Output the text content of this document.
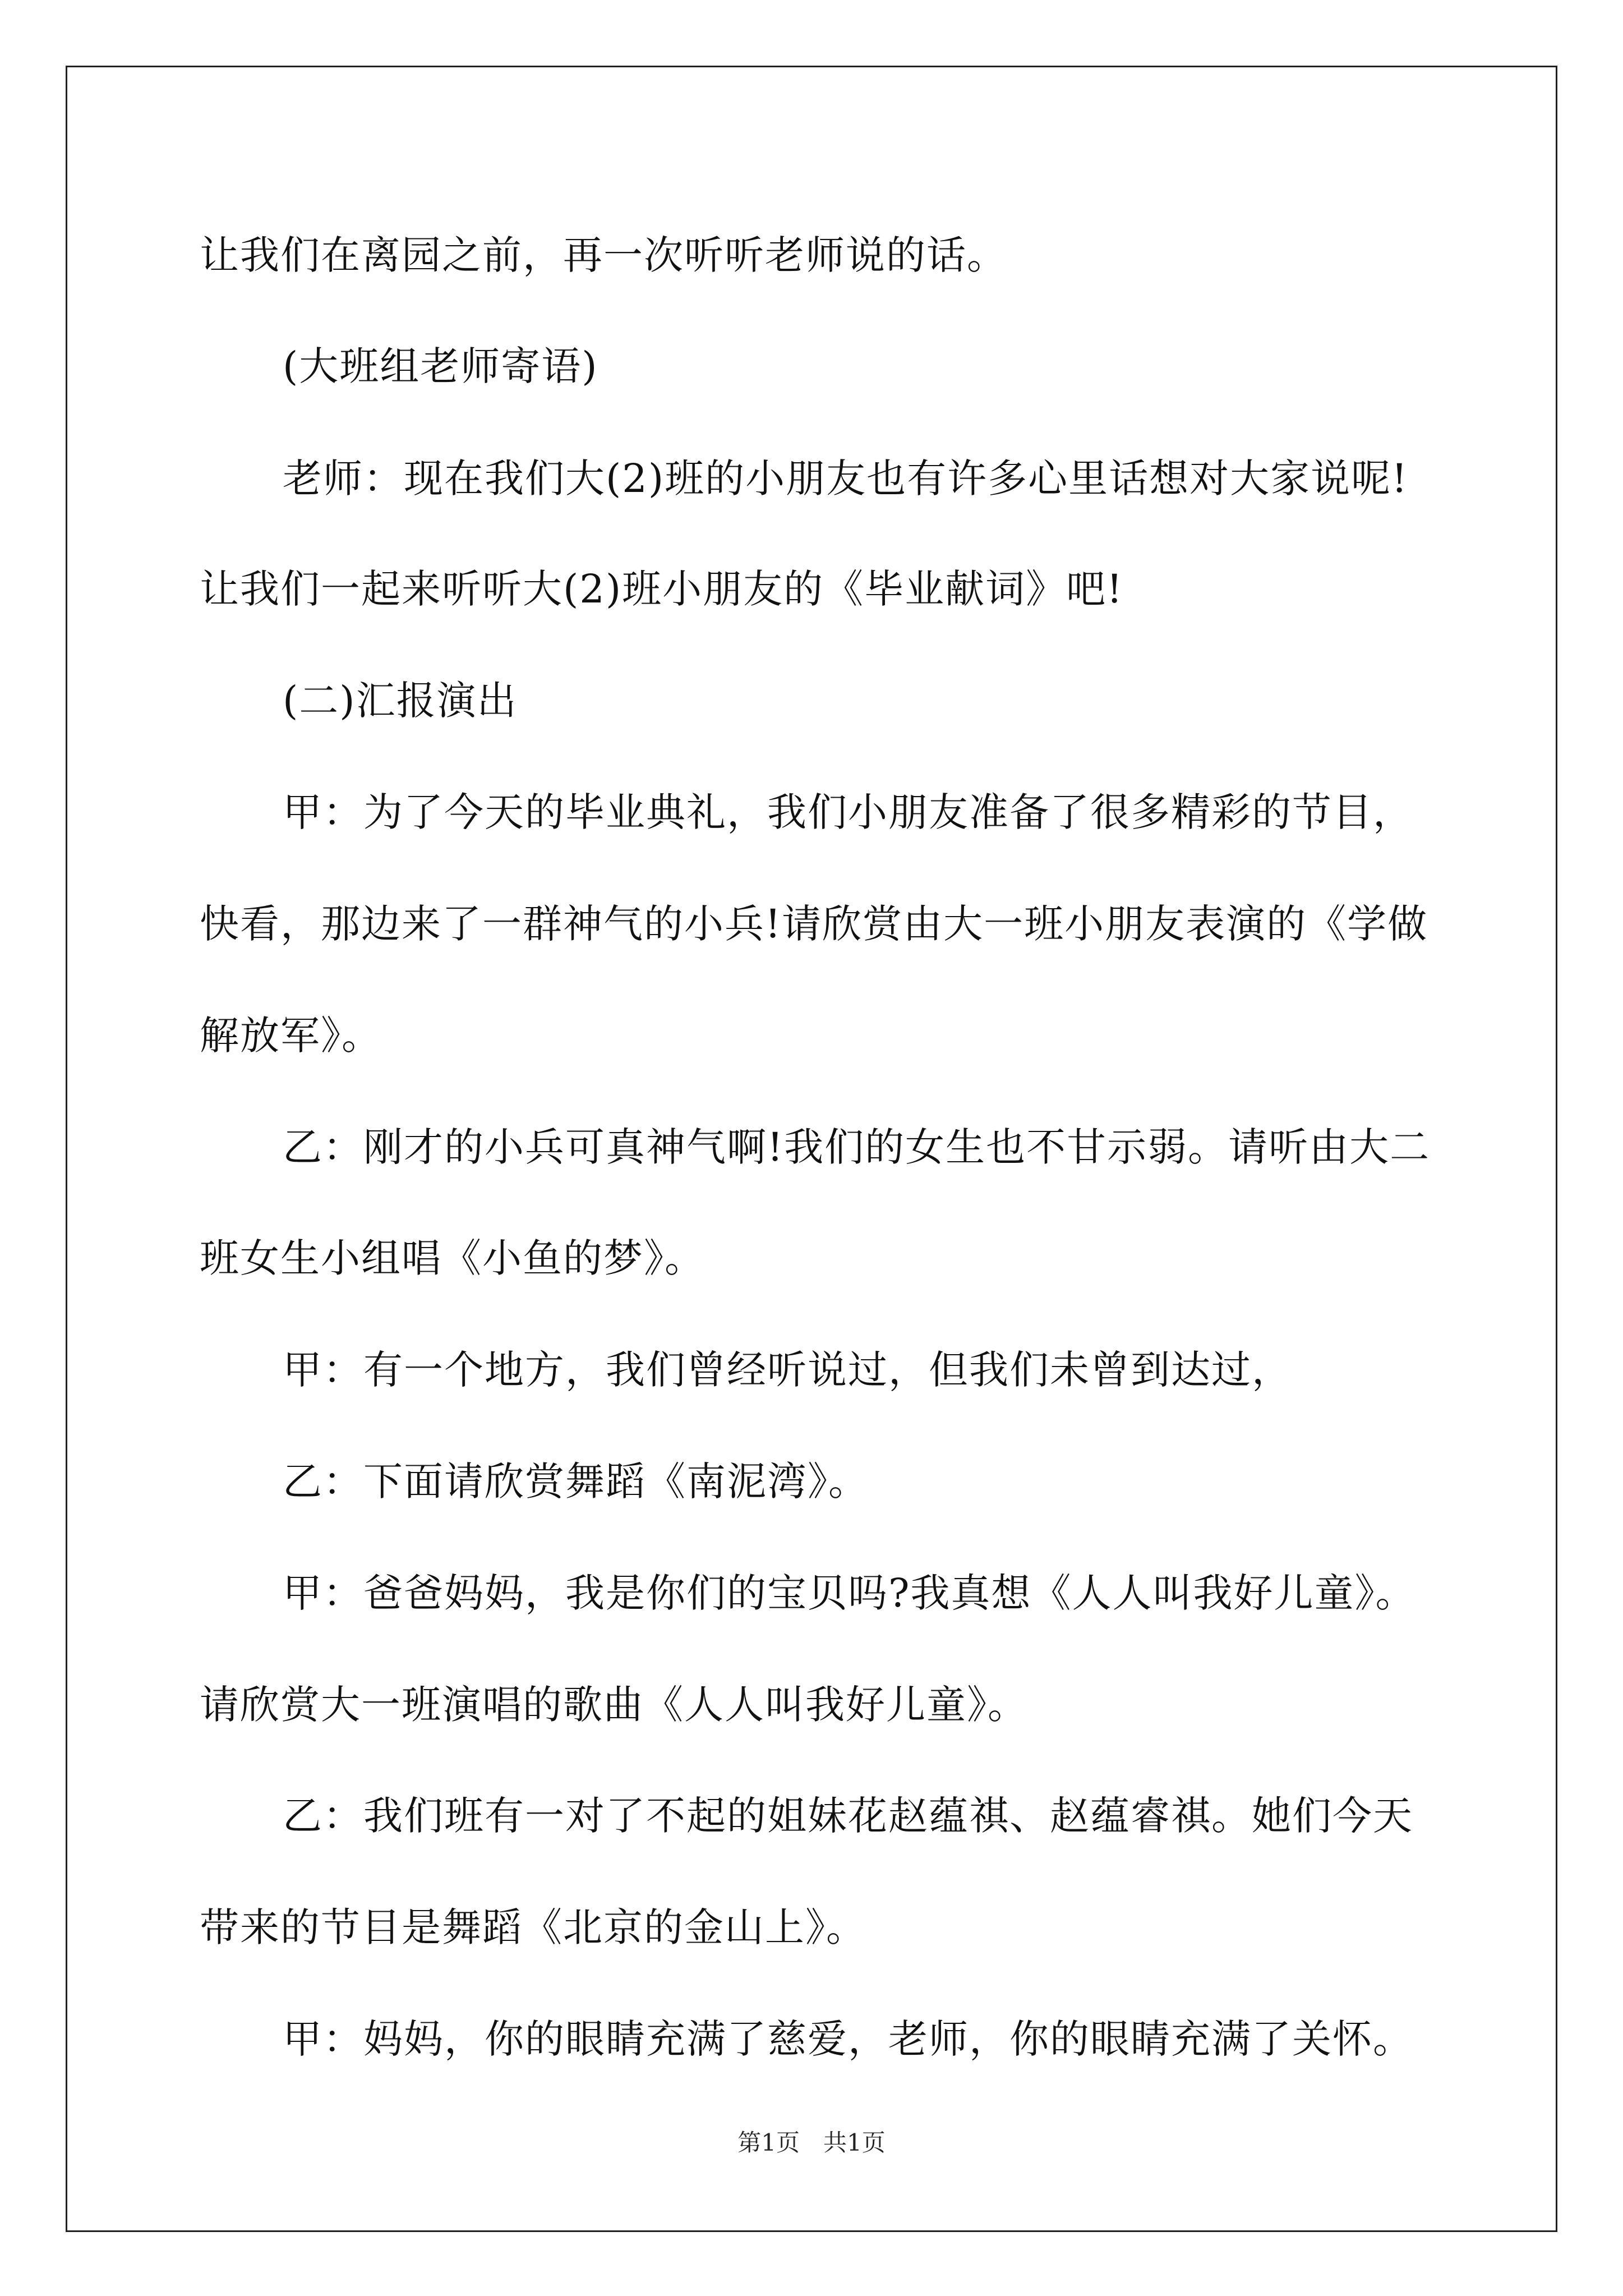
让我们在离园之前，再一次听听老师说的话。
(大班组老师寄语)
老师：现在我们大(2)班的小朋友也有许多心里话想对大家说呢!
让我们一起来听听大(2)班小朋友的《毕业献词》吧!
(二)汇报演出
甲：为了今天的毕业典礼，我们小朋友准备了很多精彩的节目，
快看，那边来了一群神气的小兵!请欣赏由大一班小朋友表演的《学做
解放军》。
乙：刚才的小兵可真神气啊!我们的女生也不甘示弱。请听由大二
班女生小组唱《小鱼的梦》。
甲：有一个地方，我们曾经听说过，但我们未曾到达过，
乙：下面请欣赏舞蹈《南泥湾》。
甲：爸爸妈妈，我是你们的宝贝吗?我真想《人人叫我好儿童》。
请欣赏大一班演唱的歌曲《人人叫我好儿童》。
乙：我们班有一对了不起的姐妹花赵蕴祺、赵蕴睿祺。她们今天
带来的节目是舞蹈《北京的金山上》。
甲：妈妈，你的眼睛充满了慈爱，老师，你的眼睛充满了关怀。
第1页　共1页
